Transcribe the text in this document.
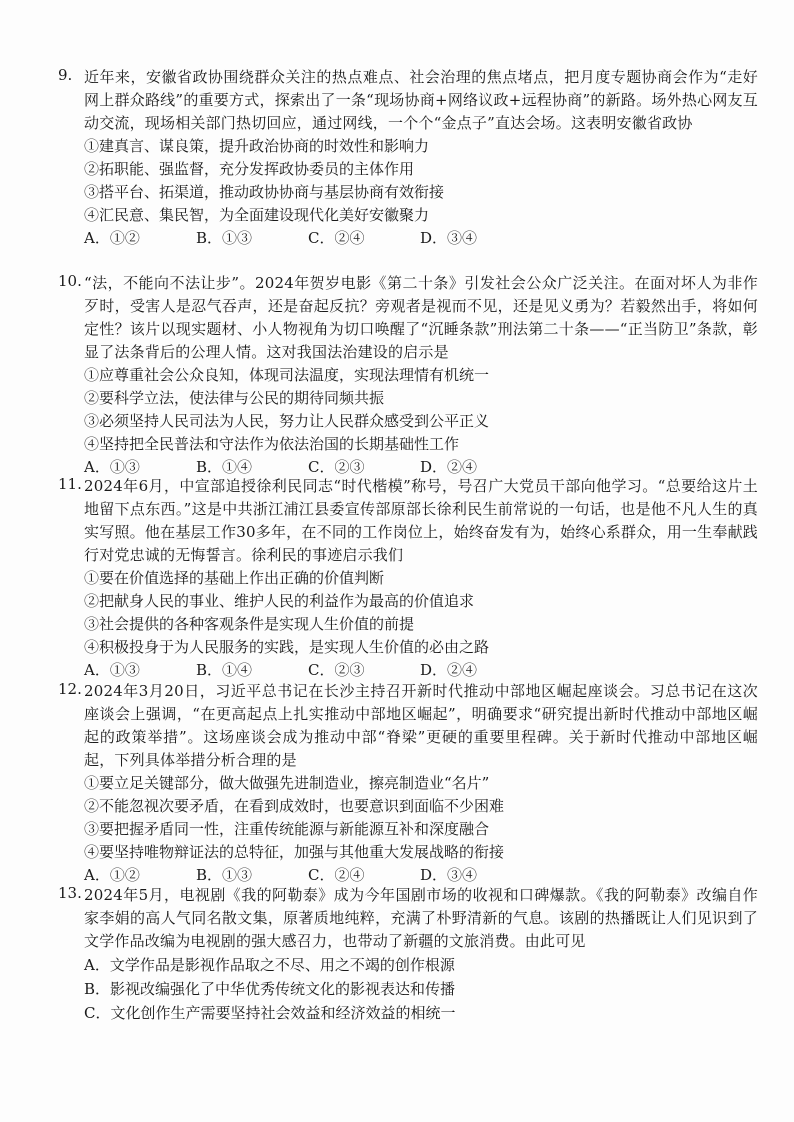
9. 近年来，安徽省政协围绕群众关注的热点难点、社会治理的焦点堵点，把月度专题协商会作为“走好网上群众路线”的重要方式，探索出了一条“现场协商+网络议政+远程协商”的新路。场外热心网友互动交流，现场相关部门热切回应，通过网线，一个个“金点子”直达会场。这表明安徽省政协
①建真言、谋良策，提升政治协商的时效性和影响力
②拓职能、强监督，充分发挥政协委员的主体作用
③搭平台、拓渠道，推动政协协商与基层协商有效衔接
④汇民意、集民智，为全面建设现代化美好安徽聚力
A．①②	B．①③	C．②④	D．③④
10. “法，不能向不法让步”。2024年贺岁电影《第二十条》引发社会公众广泛关注。在面对坏人为非作歹时，受害人是忍气吞声，还是奋起反抗？旁观者是视而不见，还是见义勇为？若毅然出手，将如何定性？该片以现实题材、小人物视角为切口唤醒了“沉睡条款”刑法第二十条——“正当防卫”条款，彰显了法条背后的公理人情。这对我国法治建设的启示是
①应尊重社会公众良知，体现司法温度，实现法理情有机统一
②要科学立法，使法律与公民的期待同频共振
③必须坚持人民司法为人民，努力让人民群众感受到公平正义
④坚持把全民普法和守法作为依法治国的长期基础性工作
A．①③	B．①④	C．②③	D．②④
11. 2024年6月，中宣部追授徐利民同志“时代楷模”称号，号召广大党员干部向他学习。“总要给这片土地留下点东西。”这是中共浙江浦江县委宣传部原部长徐利民生前常说的一句话，也是他不凡人生的真实写照。他在基层工作30多年，在不同的工作岗位上，始终奋发有为，始终心系群众，用一生奉献践行对党忠诚的无悔誓言。徐利民的事迹启示我们
①要在价值选择的基础上作出正确的价值判断
②把献身人民的事业、维护人民的利益作为最高的价值追求
③社会提供的各种客观条件是实现人生价值的前提
④积极投身于为人民服务的实践，是实现人生价值的必由之路
A．①③	B．①④	C．②③	D．②④
12. 2024年3月20日，习近平总书记在长沙主持召开新时代推动中部地区崛起座谈会。习总书记在这次座谈会上强调，“在更高起点上扎实推动中部地区崛起”，明确要求“研究提出新时代推动中部地区崛起的政策举措”。这场座谈会成为推动中部“脊梁”更硬的重要里程碑。关于新时代推动中部地区崛起，下列具体举措分析合理的是
①要立足关键部分，做大做强先进制造业，擦亮制造业“名片”
②不能忽视次要矛盾，在看到成效时，也要意识到面临不少困难
③要把握矛盾同一性，注重传统能源与新能源互补和深度融合
④要坚持唯物辩证法的总特征，加强与其他重大发展战略的衔接
A．①②	B．①③	C．②④	D．③④
13. 2024年5月，电视剧《我的阿勒泰》成为今年国剧市场的收视和口碑爆款。《我的阿勒泰》改编自作家李娟的高人气同名散文集，原著质地纯粹，充满了朴野清新的气息。该剧的热播既让人们见识到了文学作品改编为电视剧的强大感召力，也带动了新疆的文旅消费。由此可见
A．文学作品是影视作品取之不尽、用之不竭的创作根源
B．影视改编强化了中华优秀传统文化的影视表达和传播
C．文化创作生产需要坚持社会效益和经济效益的相统一
